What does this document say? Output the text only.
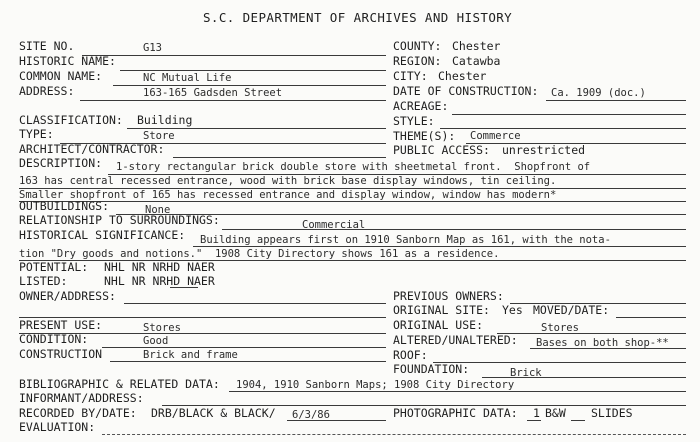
S.C. DEPARTMENT OF ARCHIVES AND HISTORY
SITE NO.	G13	COUNTY: Chester
HISTORIC NAME:	REGION: Catawba
COMMON NAME:	NC Mutual Life	CITY: Chester
ADDRESS:	163-165 Gadsden Street	DATE OF CONSTRUCTION: Ca. 1909 (doc.)
ACREAGE:
CLASSIFICATION: Building	STYLE:
TYPE:	Store	THEME(S): Commerce
ARCHITECT/CONTRACTOR:	PUBLIC ACCESS: unrestricted
DESCRIPTION: 1-story rectangular brick double store with sheetmetal front.  Shopfront of
163 has central recessed entrance, wood with brick base display windows, tin ceiling.
Smaller shopfront of 165 has recessed entrance and display window, window has modern*
OUTBUILDINGS:	None
RELATIONSHIP TO SURROUNDINGS:	Commercial
HISTORICAL SIGNIFICANCE: Building appears first on 1910 Sanborn Map as 161, with the nota-
tion "Dry goods and notions."  1908 City Directory shows 161 as a residence.
POTENTIAL: NHL NR NRHD NAER
LISTED:	NHL NR NRHD NAER
OWNER/ADDRESS:	PREVIOUS OWNERS:
ORIGINAL SITE: Yes MOVED/DATE:
PRESENT USE:	Stores	ORIGINAL USE:	Stores
CONDITION:	Good	ALTERED/UNALTERED: Bases on both shop-**
CONSTRUCTION	Brick and frame	ROOF:
FOUNDATION:	Brick
BIBLIOGRAPHIC & RELATED DATA: 1904, 1910 Sanborn Maps; 1908 City Directory
INFORMANT/ADDRESS:
RECORDED BY/DATE: DRB/BLACK & BLACK/ 6/3/86	PHOTOGRAPHIC DATA: 1 B&W SLIDES
EVALUATION:
